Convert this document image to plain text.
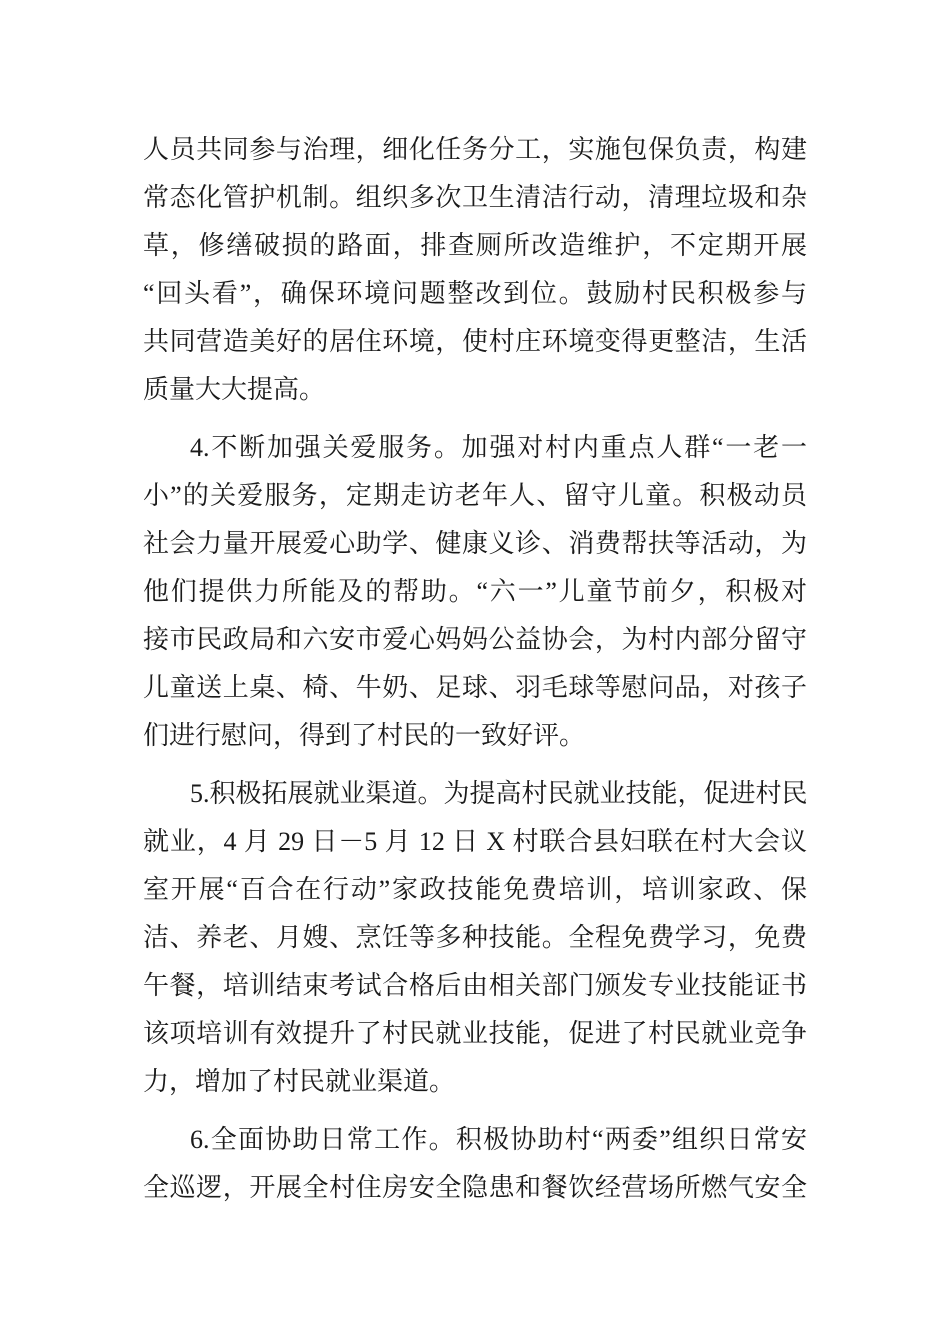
人员共同参与治理，细化任务分工，实施包保负责，构建
常态化管护机制。组织多次卫生清洁行动，清理垃圾和杂
草，修缮破损的路面，排查厕所改造维护，不定期开展
“回头看”，确保环境问题整改到位。鼓励村民积极参与
共同营造美好的居住环境，使村庄环境变得更整洁，生活
质量大大提高。
4.不断加强关爱服务。加强对村内重点人群“一老一
小”的关爱服务，定期走访老年人、留守儿童。积极动员
社会力量开展爱心助学、健康义诊、消费帮扶等活动，为
他们提供力所能及的帮助。“六一”儿童节前夕，积极对
接市民政局和六安市爱心妈妈公益协会，为村内部分留守
儿童送上桌、椅、牛奶、足球、羽毛球等慰问品，对孩子
们进行慰问，得到了村民的一致好评。
5.积极拓展就业渠道。为提高村民就业技能，促进村民
就业，4 月 29 日－5 月 12 日 X 村联合县妇联在村大会议
室开展“百合在行动”家政技能免费培训，培训家政、保
洁、养老、月嫂、烹饪等多种技能。全程免费学习，免费
午餐，培训结束考试合格后由相关部门颁发专业技能证书
该项培训有效提升了村民就业技能，促进了村民就业竞争
力，增加了村民就业渠道。
6.全面协助日常工作。积极协助村“两委”组织日常安
全巡逻，开展全村住房安全隐患和餐饮经营场所燃气安全
